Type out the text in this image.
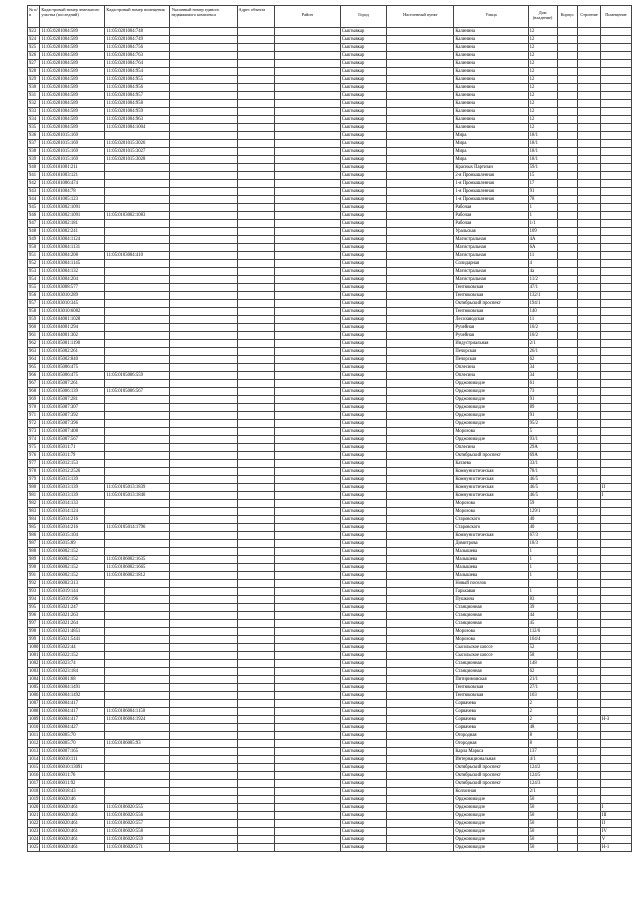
№ п/п	Кадастровый номер земельного участка (последний)	Кадастровый номер помещения	Указанный номер единого недвижимого комплекса	Адрес объекта	Район	Город	Населенный пункт	Улица	Дом (владение)	Корпус	Строение	Помещение
923	11:05:0201004:589	11:05:0201004:748				Сыктывкар		Калинина	12			
924	11:05:0201004:589	11:05:0201004:749				Сыктывкар		Калинина	12			
925	11:05:0201004:589	11:05:0201004:756				Сыктывкар		Калинина	12			
926	11:05:0201004:589	11:05:0201004:763				Сыктывкар		Калинина	12			
927	11:05:0201004:589	11:05:0201004:764				Сыктывкар		Калинина	12			
928	11:05:0201004:589	11:05:0201004:954				Сыктывкар		Калинина	12			
929	11:05:0201004:589	11:05:0201004:955				Сыктывкар		Калинина	12			
930	11:05:0201004:589	11:05:0201004:956				Сыктывкар		Калинина	12			
931	11:05:0201004:589	11:05:0201004:957				Сыктывкар		Калинина	12			
932	11:05:0201004:589	11:05:0201004:958				Сыктывкар		Калинина	12			
933	11:05:0201004:589	11:05:0201004:959				Сыктывкар		Калинина	12			
934	11:05:0201004:589	11:05:0201004:963				Сыктывкар		Калинина	12			
935	11:05:0201004:589	11:05:0201004:1004				Сыктывкар		Калинина	12			
936	11:05:0201015:169					Сыктывкар		Мира	18/1			
937	11:05:0201015:169	11:05:0201015:3026				Сыктывкар		Мира	18/1			
938	11:05:0201015:169	11:05:0201015:3027				Сыктывкар		Мира	18/1			
939	11:05:0201015:169	11:05:0201015:3028				Сыктывкар		Мира	18/1			
940	11:05:0101001:211					Сыктывкар		Красных Партизан	59/1			
941	11:05:0101003:121					Сыктывкар		2-я Промышленная	15			
942	11:05:0101006:474					Сыктывкар		1-я Промышленная	17			
943	11:05:0101004:78					Сыктывкар		1-я Промышленная	91			
944	11:05:0101005:123					Сыктывкар		1-я Промышленная	78			
945	11:05:0103002:1091					Сыктывкар		Рабочая	1			
946	11:05:0103002:1091	11:05:0103002:1083				Сыктывкар		Рабочая	1			
947	11:05:0103002:181					Сыктывкар		Рабочая	1/1			
948	11:05:0103002:241					Сыктывкар		Уральская	109			
949	11:05:0103004:1124					Сыктывкар		Магистральная	4А			
950	11:05:0103004:1131					Сыктывкар		Магистральная	6А			
951	11:05:0103004:208	11:05:0103004:410				Сыктывкар		Магистральная	11			
952	11:05:0103004:1145					Сыктывкар		Солидарная	4			
953	11:05:0103004:132					Сыктывкар		Магистральная	4а			
954	11:05:0103004:204					Сыктывкар		Магистральная	11/2			
955	11:05:0103008:577					Сыктывкар		Тентюковская	47/1			
956	11:05:0103010:289					Сыктывкар		Тентюковская	132/1			
957	11:05:0103010:345					Сыктывкар		Октябрьский проспект	194/1			
958	11:05:0103010:6082					Сыктывкар		Тентюковская	140			
959	11:05:0104001:1028					Сыктывкар		Лесозаводская	11			
960	11:05:0104001:294					Сыктывкар		Ручейная	10/2			
961	11:05:0104001:302					Сыктывкар		Ручейная	10/2			
962	11:05:0105001:1190					Сыктывкар		Индустриальная	2/1			
963	11:05:0105002:261					Сыктывкар		Печорская	26/1			
964	11:05:0105002:840					Сыктывкар		Печорская	62			
965	11:05:0105006:475					Сыктывкар		Оплесина	34			
966	11:05:0105006:475	11:05:0105006:559				Сыктывкар		Оплесина	34			
967	11:05:0105007:261					Сыктывкар		Орджоникидзе	61			
968	11:05:0105006:139	11:05:0105006:567				Сыктывкар		Орджоникидзе	73			
969	11:05:0105007:281					Сыктывкар		Орджоникидзе	91			
970	11:05:0105007:307					Сыктывкар		Орджоникидзе	89			
971	11:05:0105007:392					Сыктывкар		Орджоникидзе	91			
972	11:05:0105007:396					Сыктывкар		Орджоникидзе	95/2			
973	11:05:0105007:408					Сыктывкар		Морозова	5			
974	11:05:0105007:567					Сыктывкар		Орджоникидзе	93/1			
975	11:05:0105011:71					Сыктывкар		Оплесина	29А			
976	11:05:0105011:79					Сыктывкар		Октябрьский проспект	69А			
977	11:05:0105012:153					Сыктывкар		Катаева	33/1			
978	11:05:0105012:2526					Сыктывкар		Коммунистическая	78/1			
979	11:05:0105013:139					Сыктывкар		Коммунистическая	46/5			
980	11:05:0105013:139	11:05:0105013:1839				Сыктывкар		Коммунистическая	46/5			II
981	11:05:0105013:139	11:05:0105013:1840				Сыктывкар		Коммунистическая	46/5			I
982	11:05:0105014:133					Сыктывкар		Морозова	59			
983	11:05:0105014:124					Сыктывкар		Морозова	129/1			
984	11:05:0105014:216					Сыктывкар		Старовского	40			
985	11:05:0105014:216	11:05:0105014:1796				Сыктывкар		Старовского	40			
986	11:05:0105015:104					Сыктывкар		Коммунистическая	67/3			
987	11:05:0105015:89					Сыктывкар		Димитрова	18/3			
988	11:05:0106002:152					Сыктывкар		Малышева	1			
989	11:05:0106002:152	11:05:0106002:1635				Сыктывкар		Малышева	1			
990	11:05:0106002:152	11:05:0106002:1665				Сыктывкар		Малышева	1			
991	11:05:0106002:152	11:05:0106002:1812				Сыктывкар		Малышева	1			
992	11:05:0106002:313					Сыктывкар		Новый поселок				
993	11:05:0105019:144					Сыктывкар		Гарькавая	1			
994	11:05:0105019:196					Сыктывкар		Пушкина	83			
995	11:05:0105021:247					Сыктывкар		Станционная	39			
996	11:05:0105021:263					Сыктывкар		Станционная	44			
997	11:05:0105021:264					Сыктывкар		Станционная	45			
998	11:05:0105021:4851					Сыктывкар		Морозова	112/6			
999	11:05:0105021:5441					Сыктывкар		Морозова	104/4			
1000	11:05:0105022:44					Сыктывкар		Сысольское шоссе	52			
1001	11:05:0105022:152					Сыктывкар		Сысольское шоссе	58			
1002	11:05:0105023:74					Сыктывкар		Станционная	148			
1003	11:05:0105023:184					Сыктывкар		Станционная	62			
1004	11:05:0106001:68					Сыктывкар		Питиримовская	21/1			
1005	11:05:0106004:1491					Сыктывкар		Тентюковская	27/1			
1006	11:05:0106004:1492					Сыктывкар		Тентюковская	103			
1007	11:05:0106004:417					Сыктывкар		Сорвачева	2			
1008	11:05:0106004:417	11:05:0106004:1150				Сыктывкар		Сорвачева	2			
1009	11:05:0106004:417	11:05:0106004:1924				Сыктывкар		Сорвачева	2			Н-3
1010	11:05:0106004:427					Сыктывкар		Сорвачева	48			
1011	11:05:0106005:70					Сыктывкар		Огородная	8			
1012	11:05:0106005:70	11:05:0106005:93				Сыктывкар		Огородная	8			
1013	11:05:0106007:165					Сыктывкар		Карла Маркса	137			
1014	11:05:0106010:111					Сыктывкар		Интернациональная	4/1			
1015	11:05:0106010:13091					Сыктывкар		Октябрьский проспект	124/2			
1016	11:05:0106011:76					Сыктывкар		Октябрьский проспект	124/5			
1017	11:05:0106011:92					Сыктывкар		Октябрьский проспект	124/3			
1018	11:05:0106018:43					Сыктывкар		Колхозная	2/1			
1019	11:05:0106020:46					Сыктывкар		Орджоникидзе	50			
1020	11:05:0106020:461	11:05:0106020:555				Сыктывкар		Орджоникидзе	50			I
1021	11:05:0106020:461	11:05:0106020:556				Сыктывкар		Орджоникидзе	50			III
1022	11:05:0106020:461	11:05:0106020:557				Сыктывкар		Орджоникидзе	50			II
1023	11:05:0106020:461	11:05:0106020:558				Сыктывкар		Орджоникидзе	50			IV
1024	11:05:0106020:461	11:05:0106020:559				Сыктывкар		Орджоникидзе	50			V
1025	11:05:0106020:461	11:05:0106020:571				Сыктывкар		Орджоникидзе	50			Н-1
